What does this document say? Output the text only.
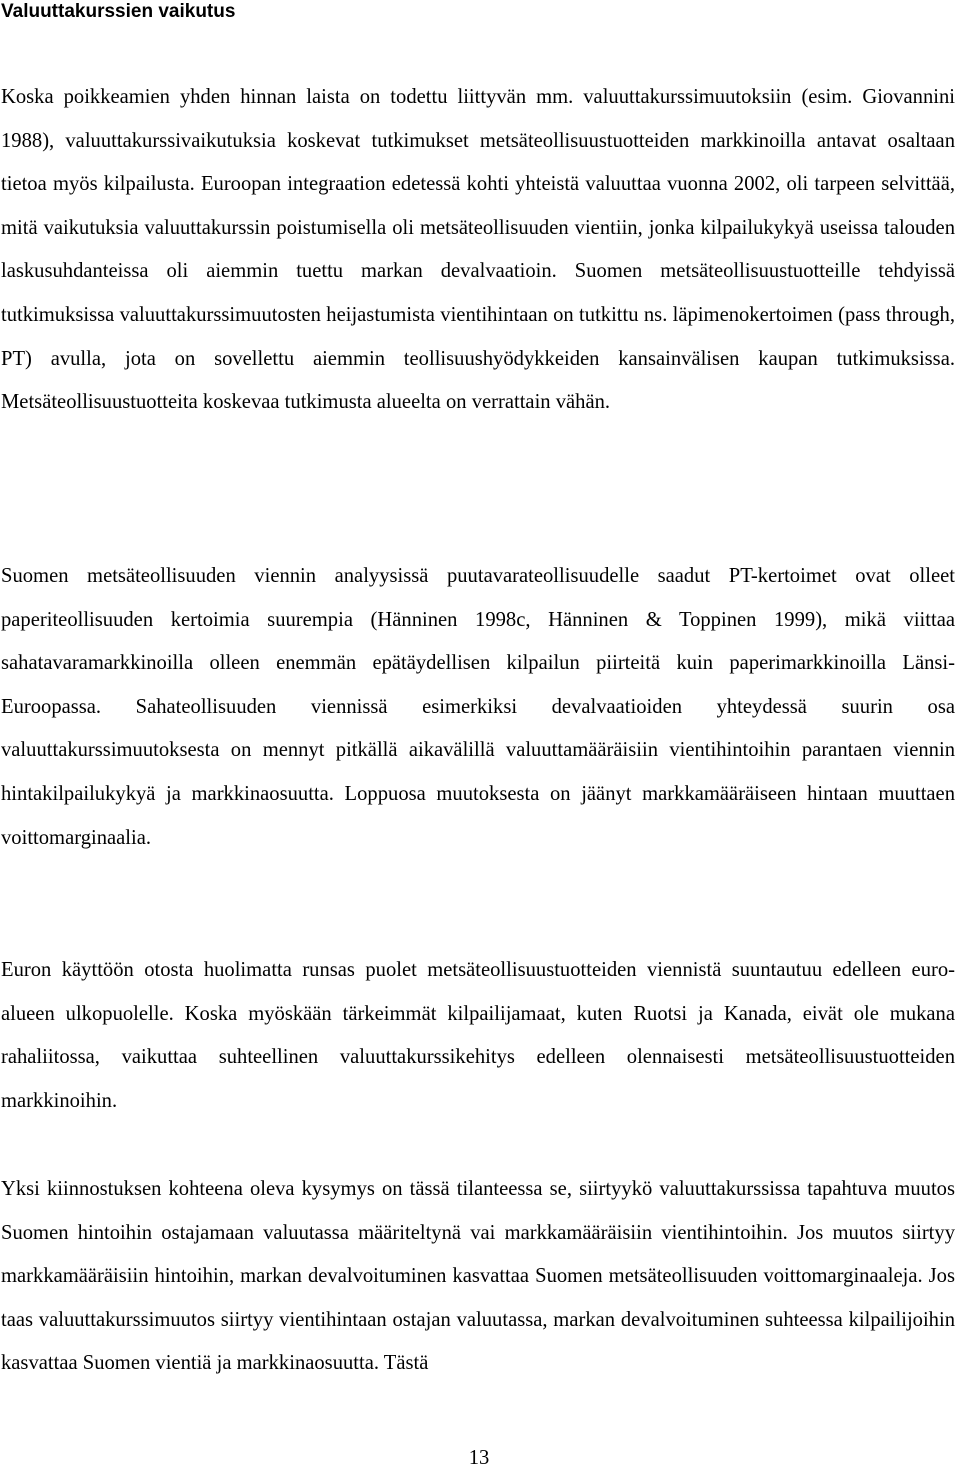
Valuuttakurssien vaikutus

Koska poikkeamien yhden hinnan laista on todettu liittyvän mm. valuuttakurssimuutoksiin (esim. Giovannini 1988), valuuttakurssivaikutuksia koskevat tutkimukset metsäteollisuustuotteiden markkinoilla antavat osaltaan tietoa myös kilpailusta. Euroopan integraation edetessä kohti yhteistä valuuttaa vuonna 2002, oli tarpeen selvittää, mitä vaikutuksia valuuttakurssin poistumisella oli metsäteollisuuden vientiin, jonka kilpailukykyä useissa talouden laskusuhdanteissa oli aiemmin tuettu markan devalvaatioin. Suomen metsäteollisuustuotteille tehdyissä tutkimuksissa valuuttakurssimuutosten heijastumista vientihintaan on tutkittu ns. läpimenokertoimen (pass through, PT) avulla, jota on sovellettu aiemmin teollisuushyödykkeiden kansainvälisen kaupan tutkimuksissa. Metsäteollisuustuotteita koskevaa tutkimusta alueelta on verrattain vähän.

Suomen metsäteollisuuden viennin analyysissä puutavarateollisuudelle saadut PT-kertoimet ovat olleet paperiteollisuuden kertoimia suurempia (Hänninen 1998c, Hänninen & Toppinen 1999), mikä viittaa sahatavaramarkkinoilla olleen enemmän epätäydellisen kilpailun piirteitä kuin paperimarkkinoilla Länsi-Euroopassa. Sahateollisuuden viennissä esimerkiksi devalvaatioiden yhteydessä suurin osa valuuttakurssimuutoksesta on mennyt pitkällä aikavälillä valuuttamääräisiin vientihintoihin parantaen viennin hintakilpailukykyä ja markkinaosuutta. Loppuosa muutoksesta on jäänyt markkamääräiseen hintaan muuttaen voittomarginaalia.

Euron käyttöön otosta huolimatta runsas puolet metsäteollisuustuotteiden viennistä suuntautuu edelleen euro-alueen ulkopuolelle. Koska myöskään tärkeimmät kilpailijamaat, kuten Ruotsi ja Kanada, eivät ole mukana rahaliitossa, vaikuttaa suhteellinen valuuttakurssikehitys edelleen olennaisesti metsäteollisuustuotteiden markkinoihin.

Yksi kiinnostuksen kohteena oleva kysymys on tässä tilanteessa se, siirtyykö valuuttakurssissa tapahtuva muutos Suomen hintoihin ostajamaan valuutassa määriteltynä vai markkamääräisiin vientihintoihin. Jos muutos siirtyy markkamääräisiin hintoihin, markan devalvoituminen kasvattaa Suomen metsäteollisuuden voittomarginaaleja. Jos taas valuuttakurssimuutos siirtyy vientihintaan ostajan valuutassa, markan devalvoituminen suhteessa kilpailijoihin kasvattaa Suomen vientiä ja markkinaosuutta. Tästä

13
